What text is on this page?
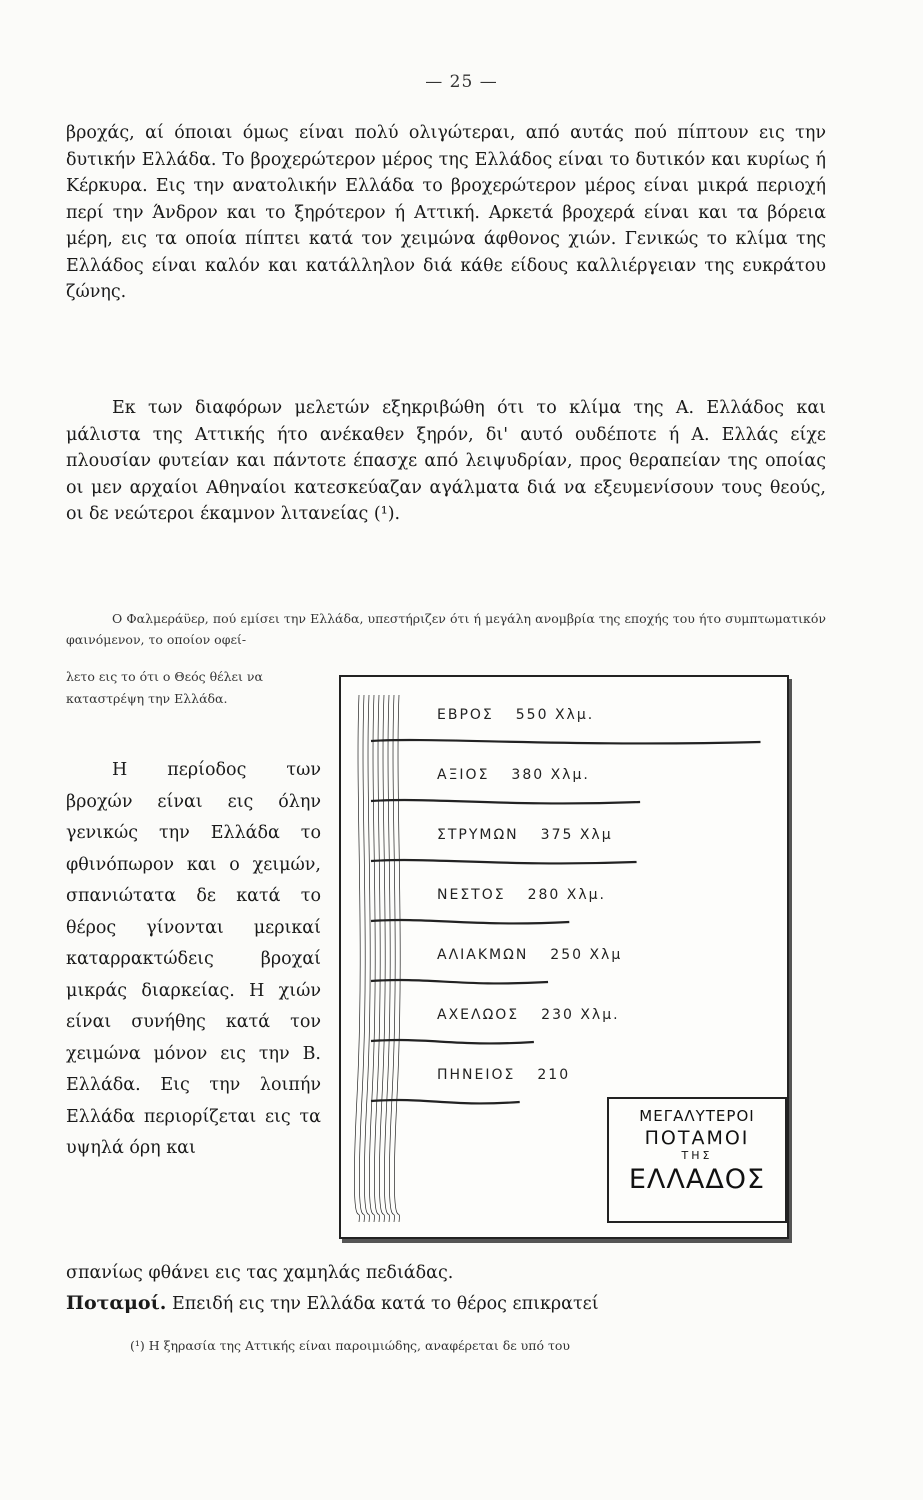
— 25 —

βροχάς, αί όποιαι όμως είναι πολύ ολιγώτεραι, από αυτάς πού πίπτουν εις την δυτικήν Ελλάδα. Το βροχερώτερον μέρος της Ελλάδος είναι το δυτικόν και κυρίως ή Κέρκυρα. Εις την ανατολικήν Ελλάδα το βροχερώτερον μέρος είναι μικρά περιοχή περί την Άνδρον και το ξηρότερον ή Αττική. Αρκετά βροχερά είναι και τα βόρεια μέρη, εις τα οποία πίπτει κατά τον χειμώνα άφθονος χιών. Γενικώς το κλίμα της Ελλάδος είναι καλόν και κατάλληλον διά κάθε είδους καλλιέργειαν της ευκράτου ζώνης.

Εκ των διαφόρων μελετών εξηκριβώθη ότι το κλίμα της Α. Ελλάδος και μάλιστα της Αττικής ήτο ανέκαθεν ξηρόν, δι' αυτό ουδέποτε ή Α. Ελλάς είχε πλουσίαν φυτείαν και πάντοτε έπασχε από λειψυδρίαν, προς θεραπείαν της οποίας οι μεν αρχαίοι Αθηναίοι κατεσκεύαζαν αγάλματα διά να εξευμενίσουν τους θεούς, οι δε νεώτεροι έκαμνον λιτανείας (¹).

Ο Φαλμεράϋερ, πού εμίσει την Ελλάδα, υπεστήριζεν ότι ή μεγάλη ανομβρία της εποχής του ήτο συμπτωματικόν φαινόμενον, το οποίον οφεί-

λετο εις το ότι ο Θεός θέλει να καταστρέψη την Ελλάδα.

Η περίοδος των βροχών είναι εις όλην γενικώς την Ελλάδα το φθινόπωρον και ο χειμών, σπανιώτατα δε κατά το θέρος γίνονται μερικαί καταρρακτώδεις βροχαί μικράς διαρκείας. Η χιών είναι συνήθης κατά τον χειμώνα μόνον εις την Β. Ελλάδα. Εις την λοιπήν Ελλάδα περιορίζεται εις τα υψηλά όρη και

σπανίως φθάνει εις τας χαμηλάς πεδιάδας.

Ποταμοί. Επειδή εις την Ελλάδα κατά το θέρος επικρατεί

(¹) Η ξηρασία της Αττικής είναι παροιμιώδης, αναφέρεται δε υπό του

ΕΒΡΟΣ 550 Χλμ.
ΑΞΙΟΣ 380 Χλμ.
ΣΤΡΥΜΩΝ 375 Χλμ
ΝΕΣΤΟΣ 280 Χλμ.
ΑΛΙΑΚΜΩΝ 250 Χλμ
ΑΧΕΛΩΟΣ 230 Χλμ.
ΠΗΝΕΙΟΣ 210
ΜΕΓΑΛΥΤΕΡΟΙ
ΠΟΤΑΜΟΙ
ΤΗΣ
ΕΛΛΑΔΟΣ
